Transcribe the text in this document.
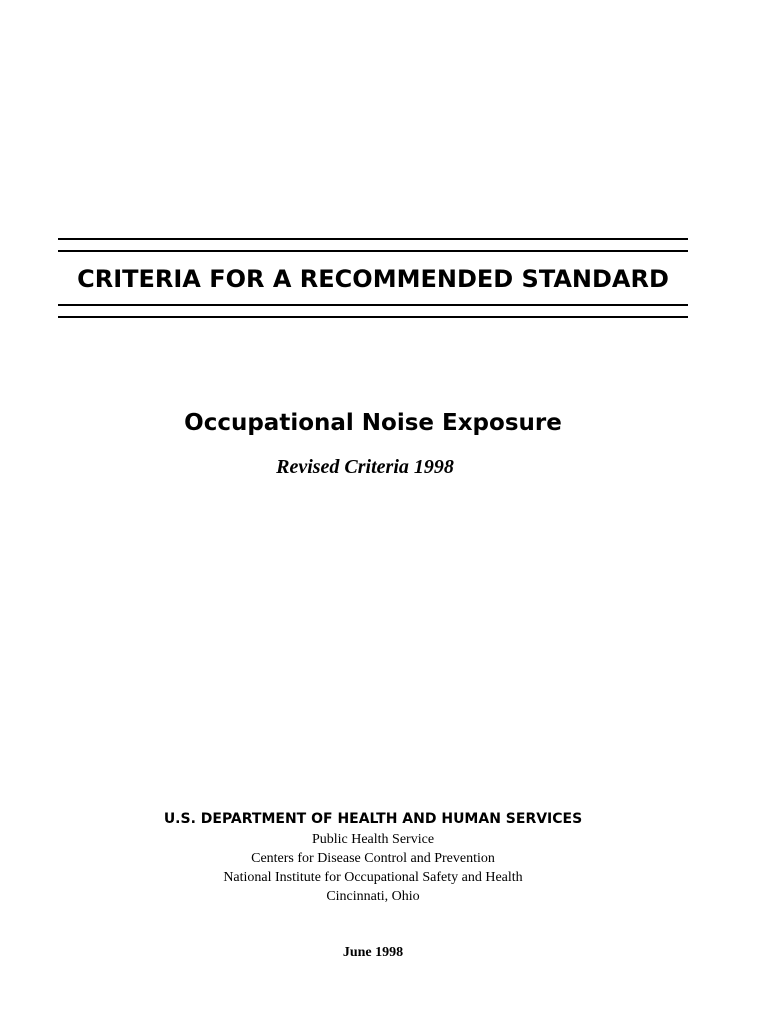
CRITERIA FOR A RECOMMENDED STANDARD
Occupational Noise Exposure
Revised Criteria 1998
U.S. DEPARTMENT OF HEALTH AND HUMAN SERVICES
Public Health Service
Centers for Disease Control and Prevention
National Institute for Occupational Safety and Health
Cincinnati, Ohio
June 1998
